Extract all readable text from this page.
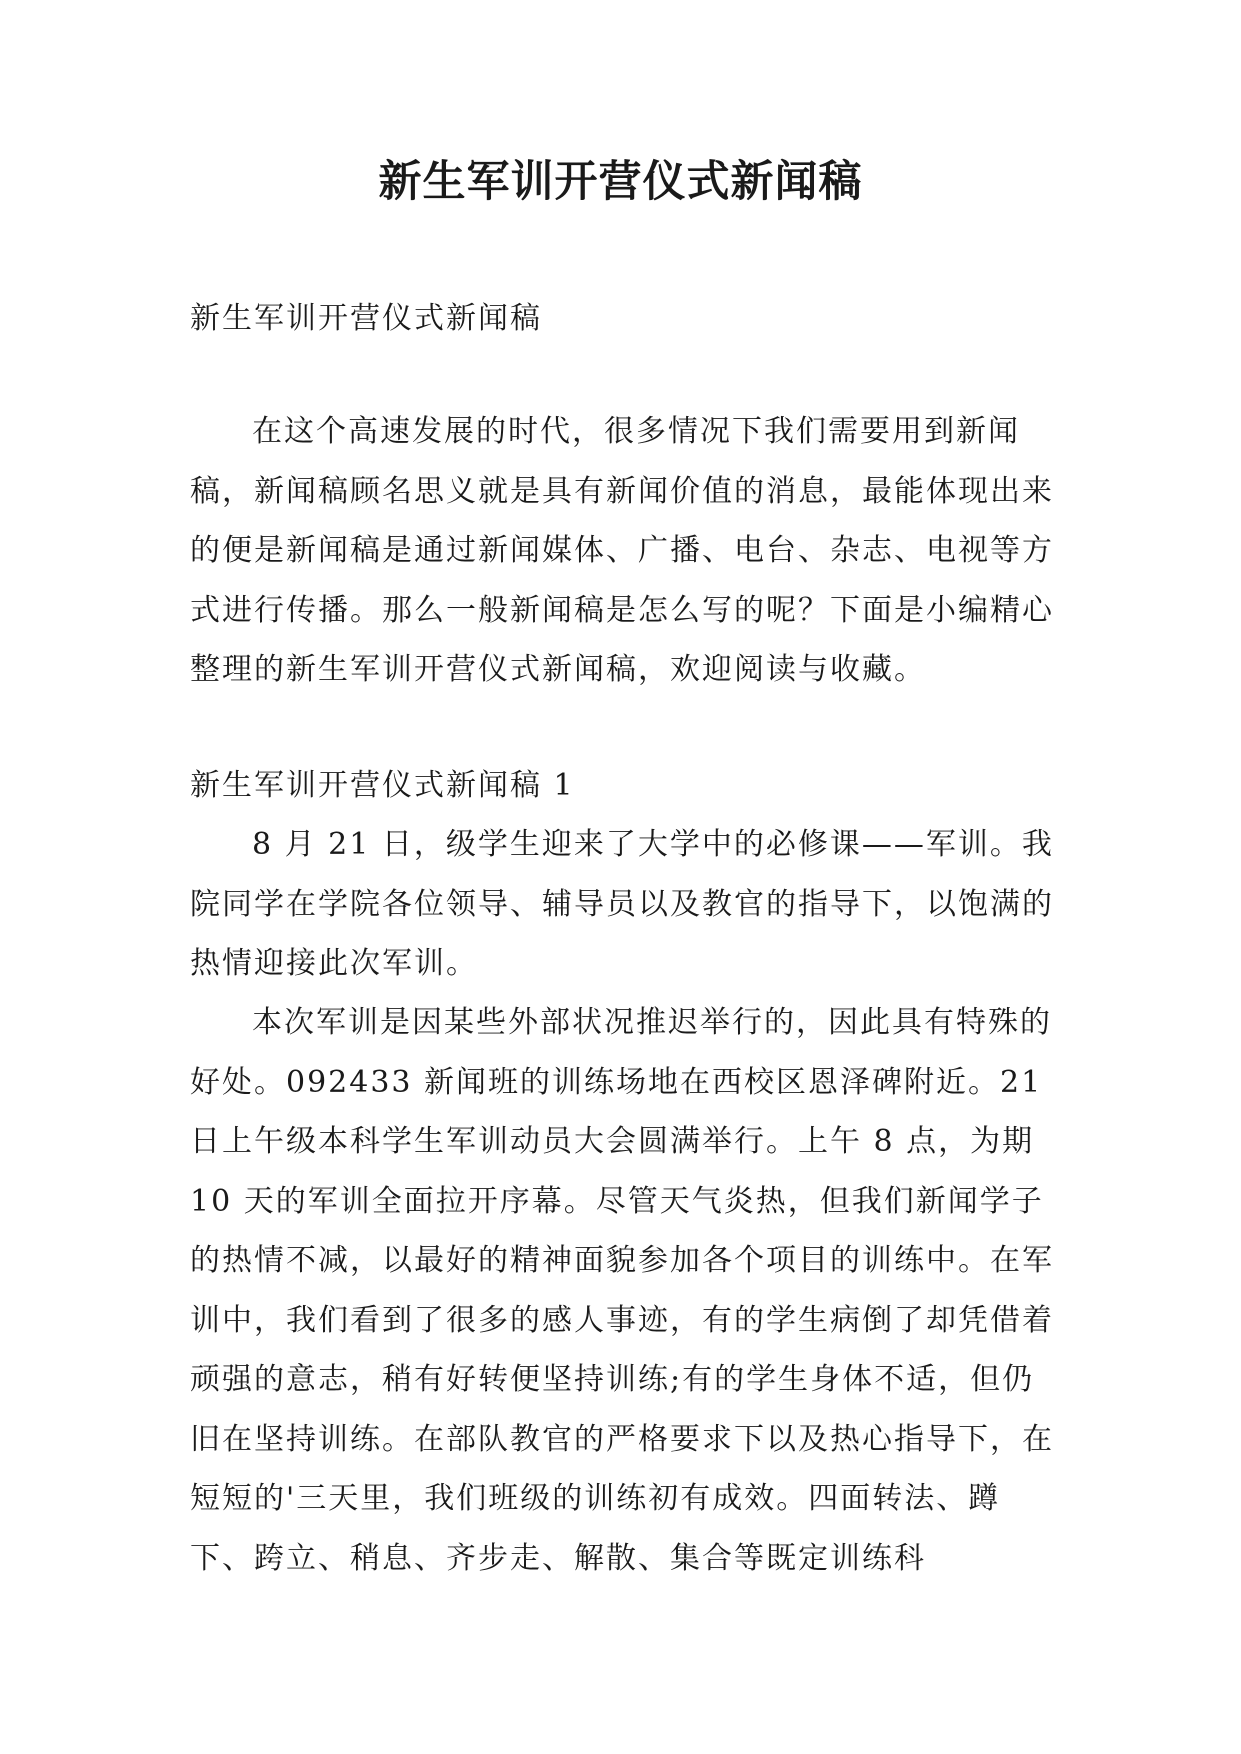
新生军训开营仪式新闻稿

新生军训开营仪式新闻稿

在这个高速发展的时代，很多情况下我们需要用到新闻稿，新闻稿顾名思义就是具有新闻价值的消息，最能体现出来的便是新闻稿是通过新闻媒体、广播、电台、杂志、电视等方式进行传播。那么一般新闻稿是怎么写的呢？下面是小编精心整理的新生军训开营仪式新闻稿，欢迎阅读与收藏。

新生军训开营仪式新闻稿 1

8 月 21 日，级学生迎来了大学中的必修课——军训。我院同学在学院各位领导、辅导员以及教官的指导下，以饱满的热情迎接此次军训。

本次军训是因某些外部状况推迟举行的，因此具有特殊的好处。092433 新闻班的训练场地在西校区恩泽碑附近。21 日上午级本科学生军训动员大会圆满举行。上午 8 点，为期 10 天的军训全面拉开序幕。尽管天气炎热，但我们新闻学子的热情不减，以最好的精神面貌参加各个项目的训练中。在军训中，我们看到了很多的感人事迹，有的学生病倒了却凭借着顽强的意志，稍有好转便坚持训练;有的学生身体不适，但仍旧在坚持训练。在部队教官的严格要求下以及热心指导下，在短短的'三天里，我们班级的训练初有成效。四面转法、蹲下、跨立、稍息、齐步走、解散、集合等既定训练科
